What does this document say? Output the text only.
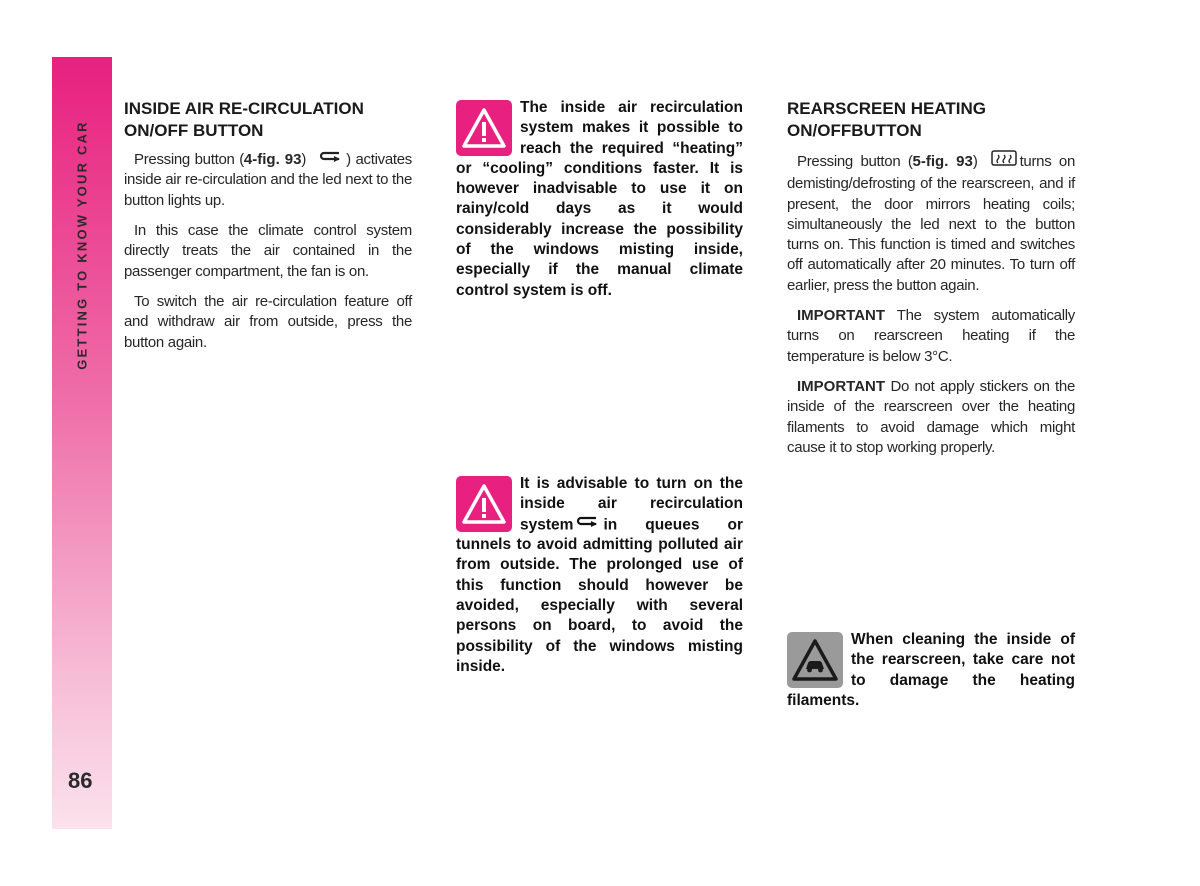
GETTING TO KNOW YOUR CAR
86
INSIDE AIR RE-CIRCULATION ON/OFF BUTTON

Pressing button (4-fig. 93)	) activates inside air re-circulation and the led next to the button lights up.

In this case the climate control system directly treats the air contained in the passenger compartment, the fan is on.

To switch the air re-circulation feature off and withdraw air from outside, press the button again.

The inside air recirculation system makes it possible to reach the required “heating” or “cooling” conditions faster. It is however inadvisable to use it on rainy/cold days as it would considerably increase the possibility of the windows misting inside, especially if the manual climate control system is off.
It is advisable to turn on the inside air recirculation system in queues or tunnels to avoid admitting polluted air from outside. The prolonged use of this function should however be avoided, especially with several persons on board, to avoid the possibility of the windows misting inside.
REARSCREEN HEATING ON/OFFBUTTON

Pressing button (5-fig. 93)	turns on demisting/defrosting of the rearscreen, and if present, the door mirrors heating coils; simultaneously the led next to the button turns on. This function is timed and switches off automatically after 20 minutes. To turn off earlier, press the button again.

IMPORTANT The system automatically turns on rearscreen heating if the temperature is below 3°C.

IMPORTANT Do not apply stickers on the inside of the rearscreen over the heating filaments to avoid damage which might cause it to stop working properly.

When cleaning the inside of the rearscreen, take care not to damage the heating filaments.
